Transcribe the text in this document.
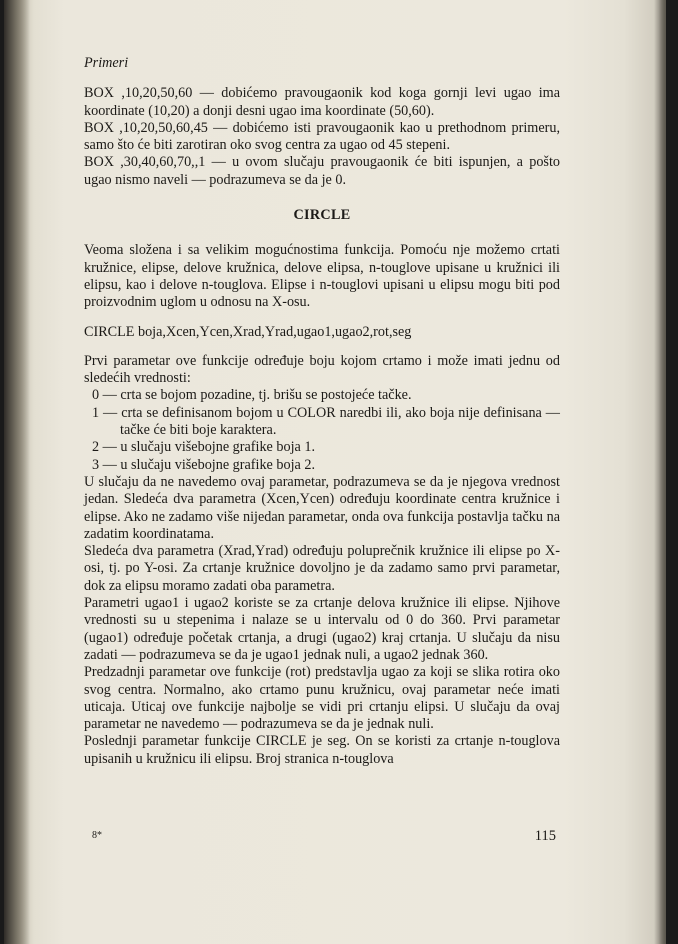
Primeri

BOX ,10,20,50,60 — dobićemo pravougaonik kod koga gornji levi ugao ima koordinate (10,20) a donji desni ugao ima koordinate (50,60).

BOX ,10,20,50,60,45 — dobićemo isti pravougaonik kao u prethodnom primeru, samo što će biti zarotiran oko svog centra za ugao od 45 stepeni.

BOX ,30,40,60,70,,1 — u ovom slučaju pravougaonik će biti ispunjen, a pošto ugao nismo naveli — podrazumeva se da je 0.

CIRCLE

Veoma složena i sa velikim mogućnostima funkcija. Pomoću nje možemo crtati kružnice, elipse, delove kružnica, delove elipsa, n-touglove upisane u kružnici ili elipsu, kao i delove n-touglova. Elipse i n-touglovi upisani u elipsu mogu biti pod proizvodnim uglom u odnosu na X-osu.

CIRCLE boja,Xcen,Ycen,Xrad,Yrad,ugao1,ugao2,rot,seg

Prvi parametar ove funkcije određuje boju kojom crtamo i može imati jednu od sledećih vrednosti:

0 — crta se bojom pozadine, tj. brišu se postojeće tačke.
1 — crta se definisanom bojom u COLOR naredbi ili, ako boja nije definisana — tačke će biti boje karaktera.
2 — u slučaju višebojne grafike boja 1.
3 — u slučaju višebojne grafike boja 2.

U slučaju da ne navedemo ovaj parametar, podrazumeva se da je njegova vrednost jedan. Sledeća dva parametra (Xcen,Ycen) određuju koordinate centra kružnice i elipse. Ako ne zadamo više nijedan parametar, onda ova funkcija postavlja tačku na zadatim koordinatama.

Sledeća dva parametra (Xrad,Yrad) određuju poluprečnik kružnice ili elipse po X-osi, tj. po Y-osi. Za crtanje kružnice dovoljno je da zadamo samo prvi parametar, dok za elipsu moramo zadati oba parametra.

Parametri ugao1 i ugao2 koriste se za crtanje delova kružnice ili elipse. Njihove vrednosti su u stepenima i nalaze se u intervalu od 0 do 360. Prvi parametar (ugao1) određuje početak crtanja, a drugi (ugao2) kraj crtanja. U slučaju da nisu zadati — podrazumeva se da je ugao1 jednak nuli, a ugao2 jednak 360.

Predzadnji parametar ove funkcije (rot) predstavlja ugao za koji se slika rotira oko svog centra. Normalno, ako crtamo punu kružnicu, ovaj parametar neće imati uticaja. Uticaj ove funkcije najbolje se vidi pri crtanju elipsi. U slučaju da ovaj parametar ne navedemo — podrazumeva se da je jednak nuli.

Poslednji parametar funkcije CIRCLE je seg. On se koristi za crtanje n-touglova upisanih u kružnicu ili elipsu. Broj stranica n-touglova

8*	115
